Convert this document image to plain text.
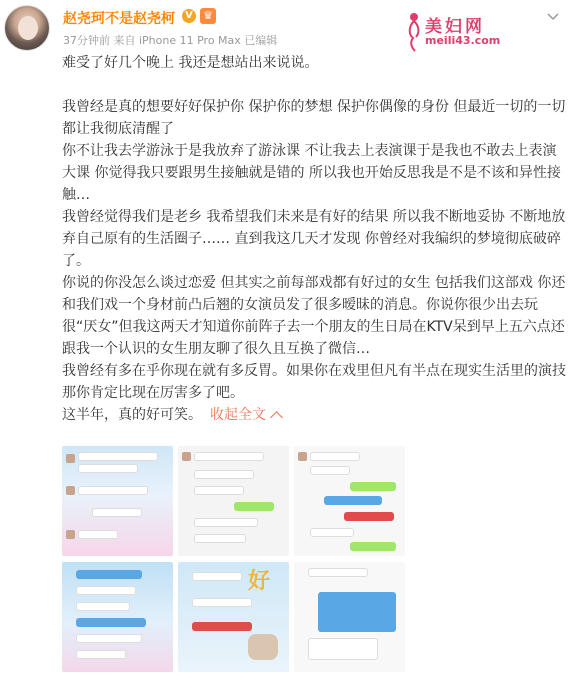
赵尧珂不是赵尧柯	V ♛
37分钟前 来自 iPhone 11 Pro Max 已编辑
美妇网
meili43.com

难受了好几个晚上 我还是想站出来说说。

我曾经是真的想要好好保护你 保护你的梦想 保护你偶像的身份 但最近一切的一切都让我彻底清醒了

你不让我去学游泳于是我放弃了游泳课 不让我去上表演课于是我也不敢去上表演大课 你觉得我只要跟男生接触就是错的 所以我也开始反思我是不是不该和异性接触…

我曾经觉得我们是老乡 我希望我们未来是有好的结果 所以我不断地妥协 不断地放弃自己原有的生活圈子…… 直到我这几天才发现 你曾经对我编织的梦境彻底破碎了。

你说的你没怎么谈过恋爱 但其实之前每部戏都有好过的女生 包括我们这部戏 你还和我们戏一个身材前凸后翘的女演员发了很多暧昧的消息。你说你很少出去玩很“厌女”但我这两天才知道你前阵子去一个朋友的生日局在KTV呆到早上五六点还跟我一个认识的女生朋友聊了很久且互换了微信…

我曾经有多在乎你现在就有多反胃。如果你在戏里但凡有半点在现实生活里的演技那你肯定比现在厉害多了吧。

这半年，真的好可笑。 收起全文

好
